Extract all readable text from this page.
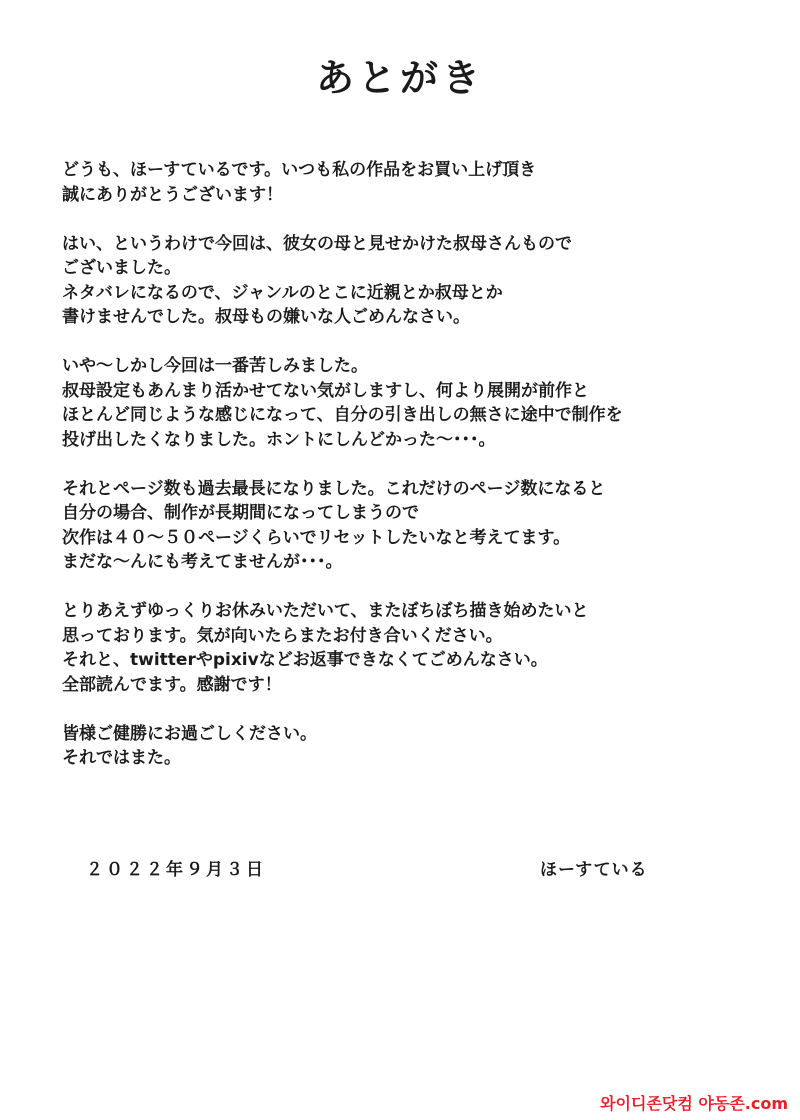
あとがき
どうも、ほーすているです。いつも私の作品をお買い上げ頂き
誠にありがとうございます！
はい、というわけで今回は、彼女の母と見せかけた叔母さんもので
ございました。
ネタバレになるので、ジャンルのとこに近親とか叔母とか
書けませんでした。叔母もの嫌いな人ごめんなさい。
いや～しかし今回は一番苦しみました。
叔母設定もあんまり活かせてない気がしますし、何より展開が前作と
ほとんど同じような感じになって、自分の引き出しの無さに途中で制作を
投げ出したくなりました。ホントにしんどかった～･･･。
それとページ数も過去最長になりました。これだけのページ数になると
自分の場合、制作が長期間になってしまうので
次作は４０～５０ページくらいでリセットしたいなと考えてます。
まだな～んにも考えてませんが･･･。
とりあえずゆっくりお休みいただいて、またぼちぼち描き始めたいと
思っております。気が向いたらまたお付き合いください。
それと、twitterやpixivなどお返事できなくてごめんなさい。
全部読んでます。感謝です！
皆様ご健勝にお過ごしください。
それではまた。
２０２２年９月３日	ほーすている
와이디존닷컴 야동존.com
